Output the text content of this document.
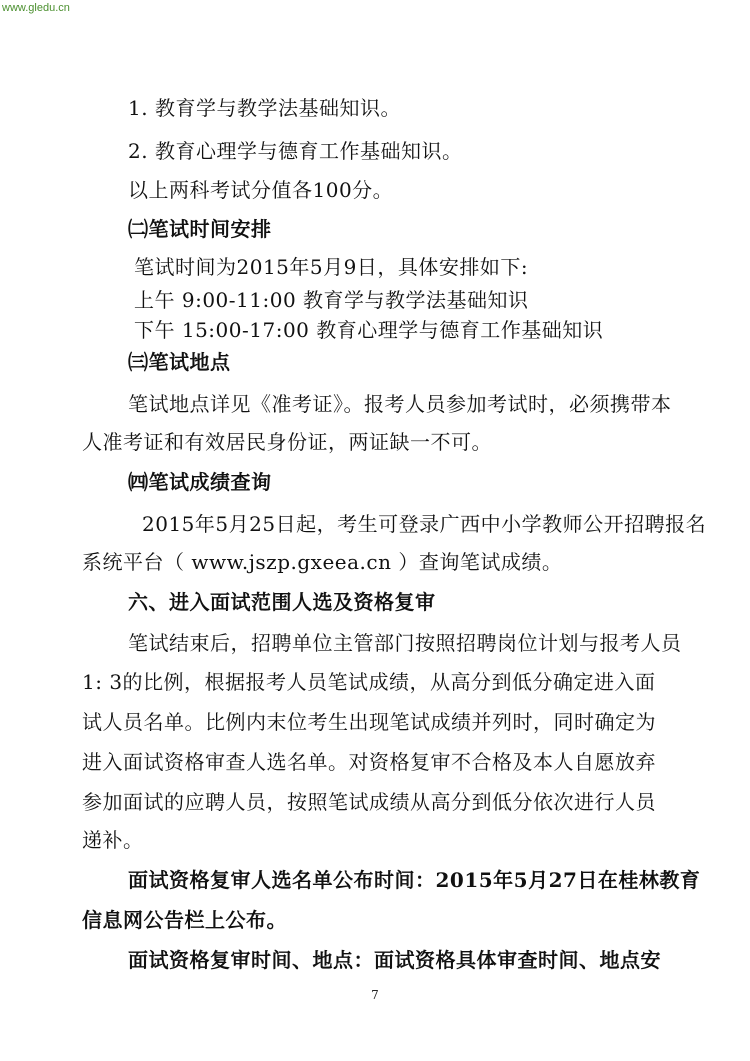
www.gledu.cn
1. 教育学与教学法基础知识。
2. 教育心理学与德育工作基础知识。
以上两科考试分值各100分。
㈡笔试时间安排
笔试时间为2015年5月9日，具体安排如下:
上午 9:00-11:00 教育学与教学法基础知识
下午 15:00-17:00 教育心理学与德育工作基础知识
㈢笔试地点
笔试地点详见《准考证》。报考人员参加考试时，必须携带本
人准考证和有效居民身份证，两证缺一不可。
㈣笔试成绩查询
2015年5月25日起，考生可登录广西中小学教师公开招聘报名
系统平台（ www.jszp.gxeea.cn ）查询笔试成绩。
六、进入面试范围人选及资格复审
笔试结束后，招聘单位主管部门按照招聘岗位计划与报考人员
1: 3的比例，根据报考人员笔试成绩，从高分到低分确定进入面
试人员名单。比例内末位考生出现笔试成绩并列时，同时确定为
进入面试资格审查人选名单。对资格复审不合格及本人自愿放弃
参加面试的应聘人员，按照笔试成绩从高分到低分依次进行人员
递补。
面试资格复审人选名单公布时间：2015年5月27日在桂林教育
信息网公告栏上公布。
面试资格复审时间、地点：面试资格具体审查时间、地点安
7
